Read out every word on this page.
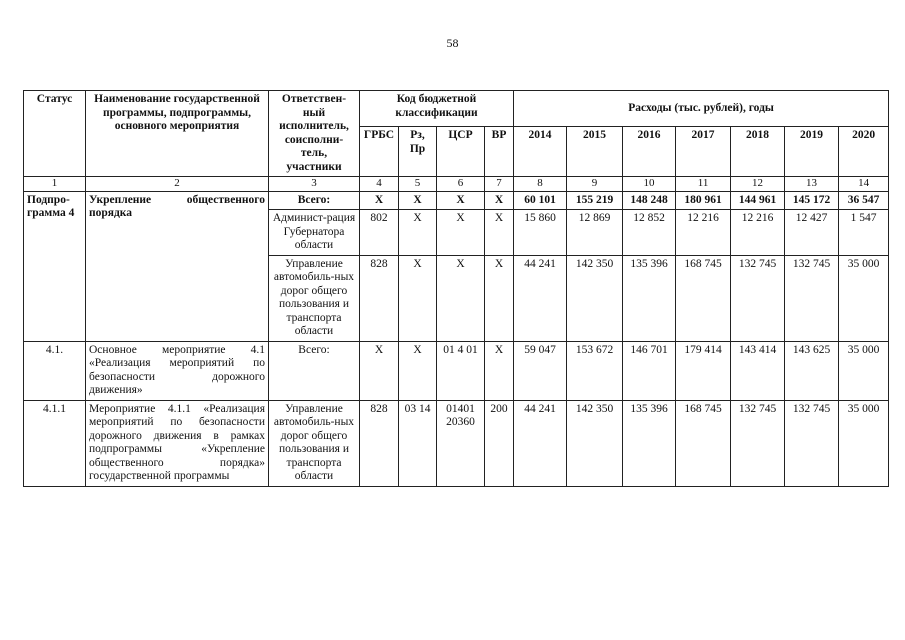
58
Статус	Наименование государственной программы, подпрограммы, основного мероприятия	Ответствен-ный исполнитель, соисполни-тель, участники	Код бюджетной классификации				Расходы (тыс. рублей), годы						
			ГРБС	Рз, Пр	ЦСР	ВР	2014	2015	2016	2017	2018	2019	2020
1	2	3	4	5	6	7	8	9	10	11	12	13	14
Подпро-грамма 4	Укрепление общественного порядка	Всего:	Х	Х	Х	Х	60 101	155 219	148 248	180 961	144 961	145 172	36 547
		Админист-рация Губернатора области	802	Х	Х	Х	15 860	12 869	12 852	12 216	12 216	12 427	1 547
		Управление автомобиль-ных дорог общего пользования и транспорта области	828	Х	Х	Х	44 241	142 350	135 396	168 745	132 745	132 745	35 000
4.1.	Основное мероприятие 4.1 «Реализация мероприятий по безопасности дорожного движения»	Всего:	Х	Х	01 4 01	Х	59 047	153 672	146 701	179 414	143 414	143 625	35 000
4.1.1	Мероприятие 4.1.1 «Реализация мероприятий по безопасности дорожного движения в рамках подпрограммы «Укрепление общественного порядка» государственной программы	Управление автомобиль-ных дорог общего пользования и транспорта области	828	03 14	01401 20360	200	44 241	142 350	135 396	168 745	132 745	132 745	35 000
